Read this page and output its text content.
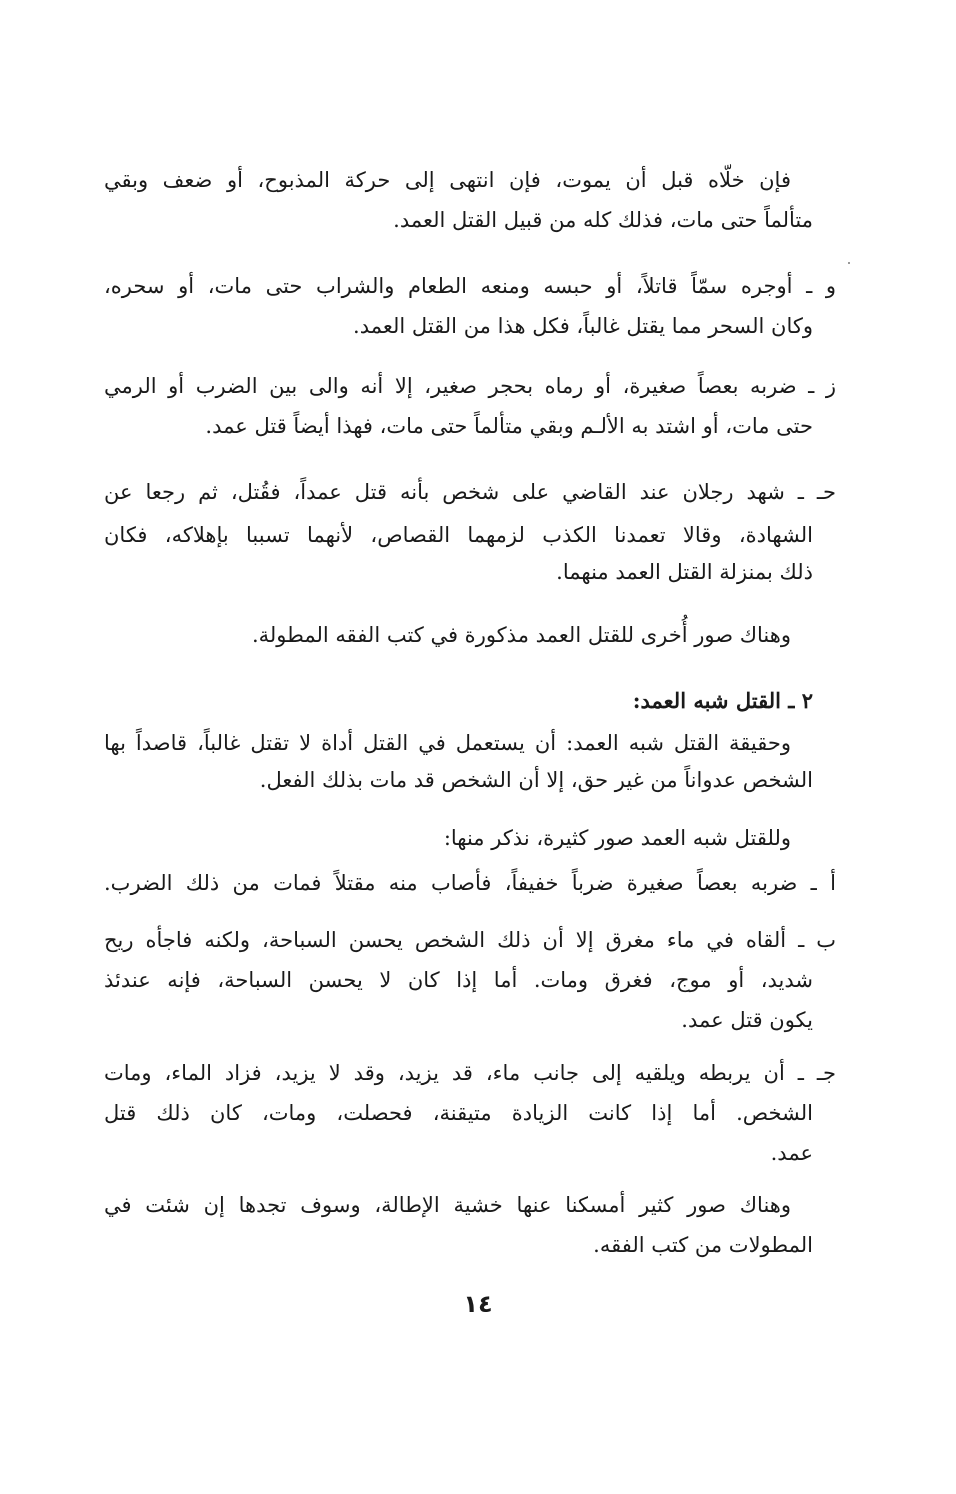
فإن خلّاه قبل أن يموت، فإن انتهى إلى حركة المذبوح، أو ضعف وبقي
متألماً حتى مات، فذلك كله من قبيل القتل العمد.
و ـ أوجره سمّاً قاتلاً، أو حبسه ومنعه الطعام والشراب حتى مات، أو سحره،
وكان السحر مما يقتل غالباً، فكل هذا من القتل العمد.
ز ـ ضربه بعصاً صغيرة، أو رماه بحجر صغير، إلا أنه والى بين الضرب أو الرمي
حتى مات، أو اشتد به الألـم وبقي متألماً حتى مات، فهذا أيضاً قتل عمد.
حـ ـ شهد رجلان عند القاضي على شخص بأنه قتل عمداً، فقُتل، ثم رجعا عن
الشهادة، وقالا تعمدنا الكذب لزمهما القصاص، لأنهما تسببا بإهلاكه، فكان
ذلك بمنزلة القتل العمد منهما.
وهناك صور أُخرى للقتل العمد مذكورة في كتب الفقه المطولة.
٢ ـ القتل شبه العمد:
وحقيقة القتل شبه العمد: أن يستعمل في القتل أداة لا تقتل غالباً، قاصداً بها
الشخص عدواناً من غير حق، إلا أن الشخص قد مات بذلك الفعل.
وللقتل شبه العمد صور كثيرة، نذكر منها:
أ ـ ضربه بعصاً صغيرة ضرباً خفيفاً، فأصاب منه مقتلاً فمات من ذلك الضرب.
ب ـ ألقاه في ماء مغرق إلا أن ذلك الشخص يحسن السباحة، ولكنه فاجأه ريح
شديد، أو موج، فغرق ومات. أما إذا كان لا يحسن السباحة، فإنه عندئذ
يكون قتل عمد.
جـ ـ أن يربطه ويلقيه إلى جانب ماء، قد يزيد، وقد لا يزيد، فزاد الماء، ومات
الشخص. أما إذا كانت الزيادة متيقنة، فحصلت، ومات، كان ذلك قتل
عمد.
وهناك صور كثير أمسكنا عنها خشية الإطالة، وسوف تجدها إن شئت في
المطولات من كتب الفقه.
١٤
